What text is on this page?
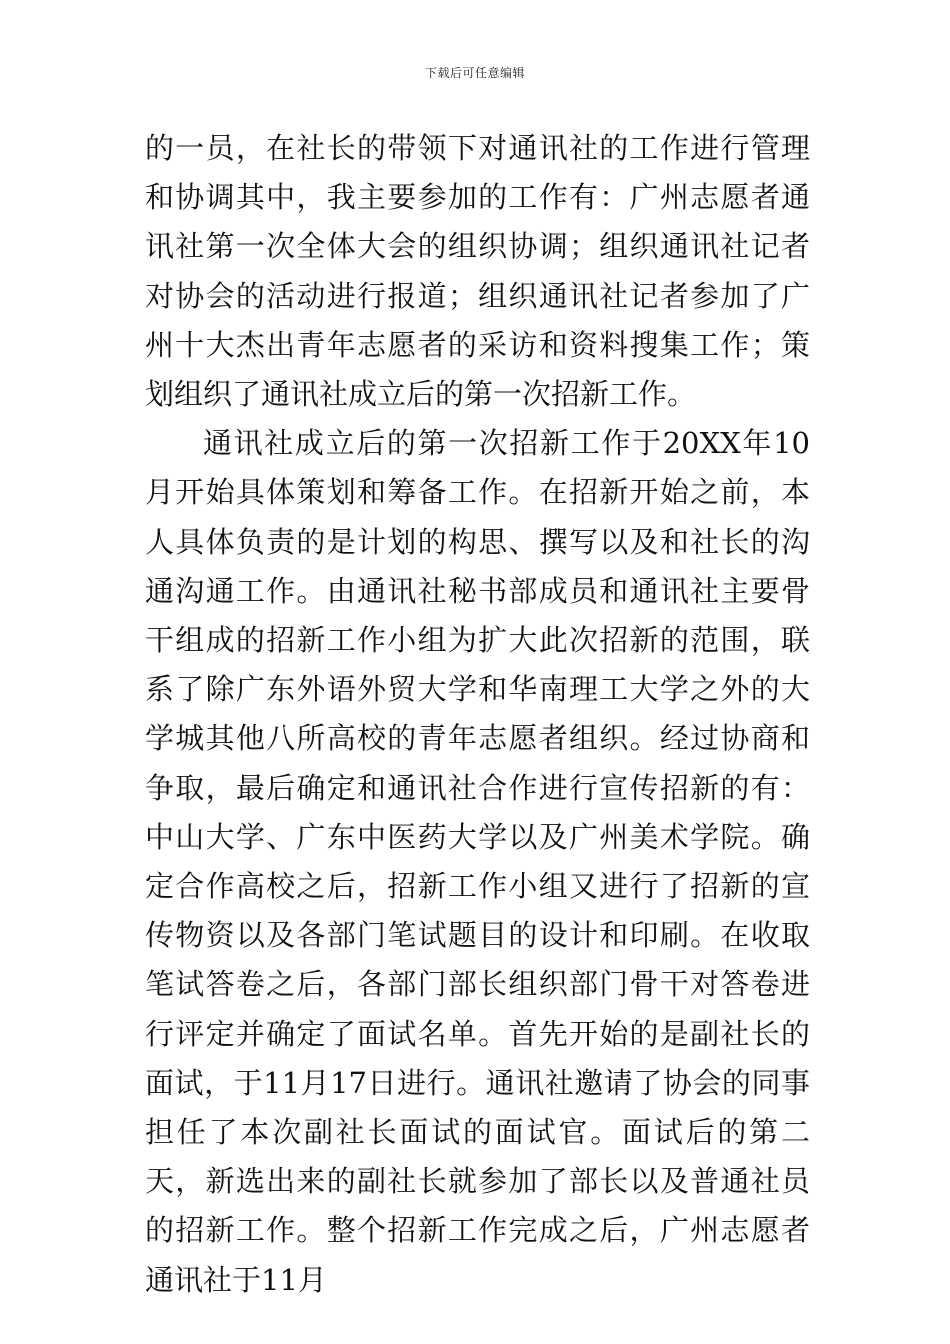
下载后可任意编辑

的一员，在社长的带领下对通讯社的工作进行管理和协调其中，我主要参加的工作有：广州志愿者通讯社第一次全体大会的组织协调；组织通讯社记者对协会的活动进行报道；组织通讯社记者参加了广州十大杰出青年志愿者的采访和资料搜集工作；策划组织了通讯社成立后的第一次招新工作。

通讯社成立后的第一次招新工作于20XX年10月开始具体策划和筹备工作。在招新开始之前，本人具体负责的是计划的构思、撰写以及和社长的沟通沟通工作。由通讯社秘书部成员和通讯社主要骨干组成的招新工作小组为扩大此次招新的范围，联系了除广东外语外贸大学和华南理工大学之外的大学城其他八所高校的青年志愿者组织。经过协商和争取，最后确定和通讯社合作进行宣传招新的有：中山大学、广东中医药大学以及广州美术学院。确定合作高校之后，招新工作小组又进行了招新的宣传物资以及各部门笔试题目的设计和印刷。在收取笔试答卷之后，各部门部长组织部门骨干对答卷进行评定并确定了面试名单。首先开始的是副社长的面试，于11月17日进行。通讯社邀请了协会的同事担任了本次副社长面试的面试官。面试后的第二天，新选出来的副社长就参加了部长以及普通社员的招新工作。整个招新工作完成之后，广州志愿者通讯社于11月
